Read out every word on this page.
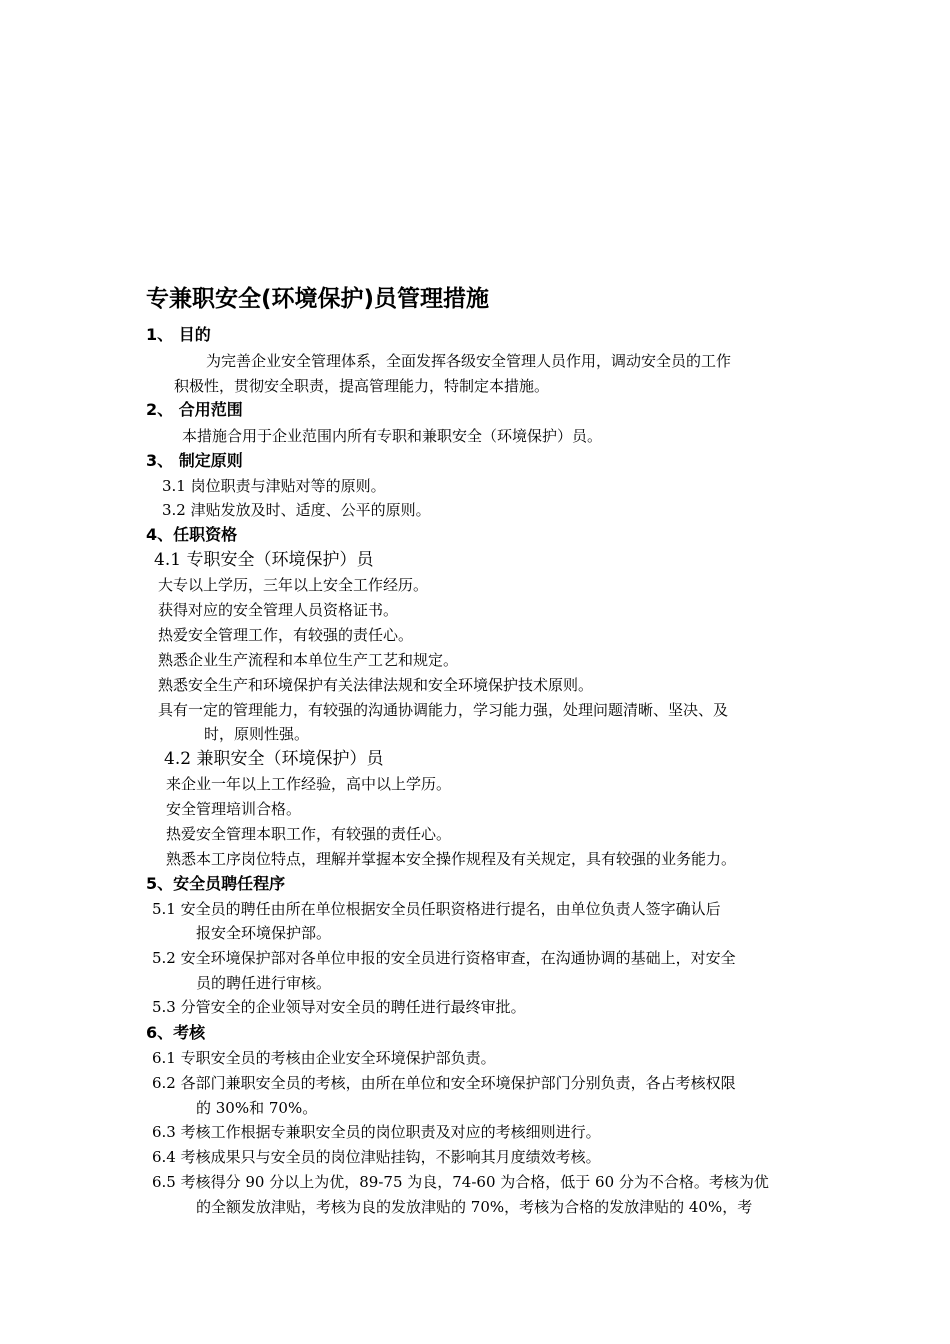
专兼职安全(环境保护)员管理措施
1、 目的
为完善企业安全管理体系，全面发挥各级安全管理人员作用，调动安全员的工作
积极性，贯彻安全职责，提高管理能力，特制定本措施。
2、 合用范围
本措施合用于企业范围内所有专职和兼职安全（环境保护）员。
3、 制定原则
3.1 岗位职责与津贴对等的原则。
3.2 津贴发放及时、适度、公平的原则。
4、任职资格
4.1 专职安全（环境保护）员
大专以上学历，三年以上安全工作经历。
获得对应的安全管理人员资格证书。
热爱安全管理工作，有较强的责任心。
熟悉企业生产流程和本单位生产工艺和规定。
熟悉安全生产和环境保护有关法律法规和安全环境保护技术原则。
具有一定的管理能力，有较强的沟通协调能力，学习能力强，处理问题清晰、坚决、及
时，原则性强。
4.2 兼职安全（环境保护）员
来企业一年以上工作经验，高中以上学历。
安全管理培训合格。
热爱安全管理本职工作，有较强的责任心。
熟悉本工序岗位特点，理解并掌握本安全操作规程及有关规定，具有较强的业务能力。
5、安全员聘任程序
5.1 安全员的聘任由所在单位根据安全员任职资格进行提名，由单位负责人签字确认后
报安全环境保护部。
5.2 安全环境保护部对各单位申报的安全员进行资格审查，在沟通协调的基础上，对安全
员的聘任进行审核。
5.3 分管安全的企业领导对安全员的聘任进行最终审批。
6、考核
6.1 专职安全员的考核由企业安全环境保护部负责。
6.2 各部门兼职安全员的考核，由所在单位和安全环境保护部门分别负责，各占考核权限
的 30%和 70%。
6.3 考核工作根据专兼职安全员的岗位职责及对应的考核细则进行。
6.4 考核成果只与安全员的岗位津贴挂钩，不影响其月度绩效考核。
6.5 考核得分 90 分以上为优，89-75 为良，74-60 为合格，低于 60 分为不合格。考核为优
的全额发放津贴，考核为良的发放津贴的 70%，考核为合格的发放津贴的 40%，考
